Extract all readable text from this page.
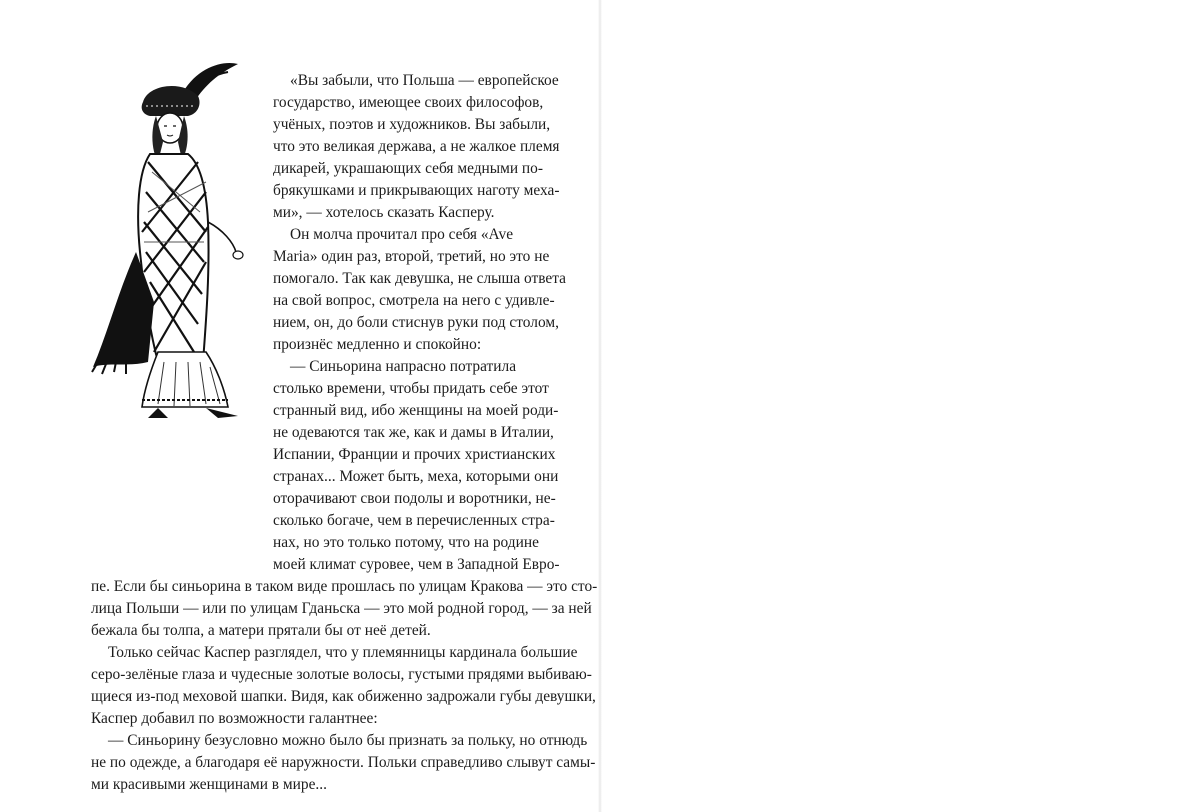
«Вы забыли, что Польша — европейское
государство, имеющее своих философов,
учёных, поэтов и художников. Вы забыли,
что это великая держава, а не жалкое племя
дикарей, украшающих себя медными по-
брякушками и прикрывающих наготу меха-
ми», — хотелось сказать Касперу.
Он молча прочитал про себя «Ave
Maria» один раз, второй, третий, но это не
помогало. Так как девушка, не слыша ответа
на свой вопрос, смотрела на него с удивле-
нием, он, до боли стиснув руки под столом,
произнёс медленно и спокойно:
— Синьорина напрасно потратила
столько времени, чтобы придать себе этот
странный вид, ибо женщины на моей роди-
не одеваются так же, как и дамы в Италии,
Испании, Франции и прочих христианских
странах... Может быть, меха, которыми они
оторачивают свои подолы и воротники, не-
сколько богаче, чем в перечисленных стра-
нах, но это только потому, что на родине
моей климат суровее, чем в Западной Евро-
пе. Если бы синьорина в таком виде прошлась по улицам Кракова — это сто-
лица Польши — или по улицам Гданьска — это мой родной город, — за ней
бежала бы толпа, а матери прятали бы от неё детей.
Только сейчас Каспер разглядел, что у племянницы кардинала большие
серо-зелёные глаза и чудесные золотые волосы, густыми прядями выбиваю-
щиеся из-под меховой шапки. Видя, как обиженно задрожали губы девушки,
Каспер добавил по возможности галантнее:
— Синьорину безусловно можно было бы признать за польку, но отнюдь
не по одежде, а благодаря её наружности. Польки справедливо слывут самы-
ми красивыми женщинами в мире...
